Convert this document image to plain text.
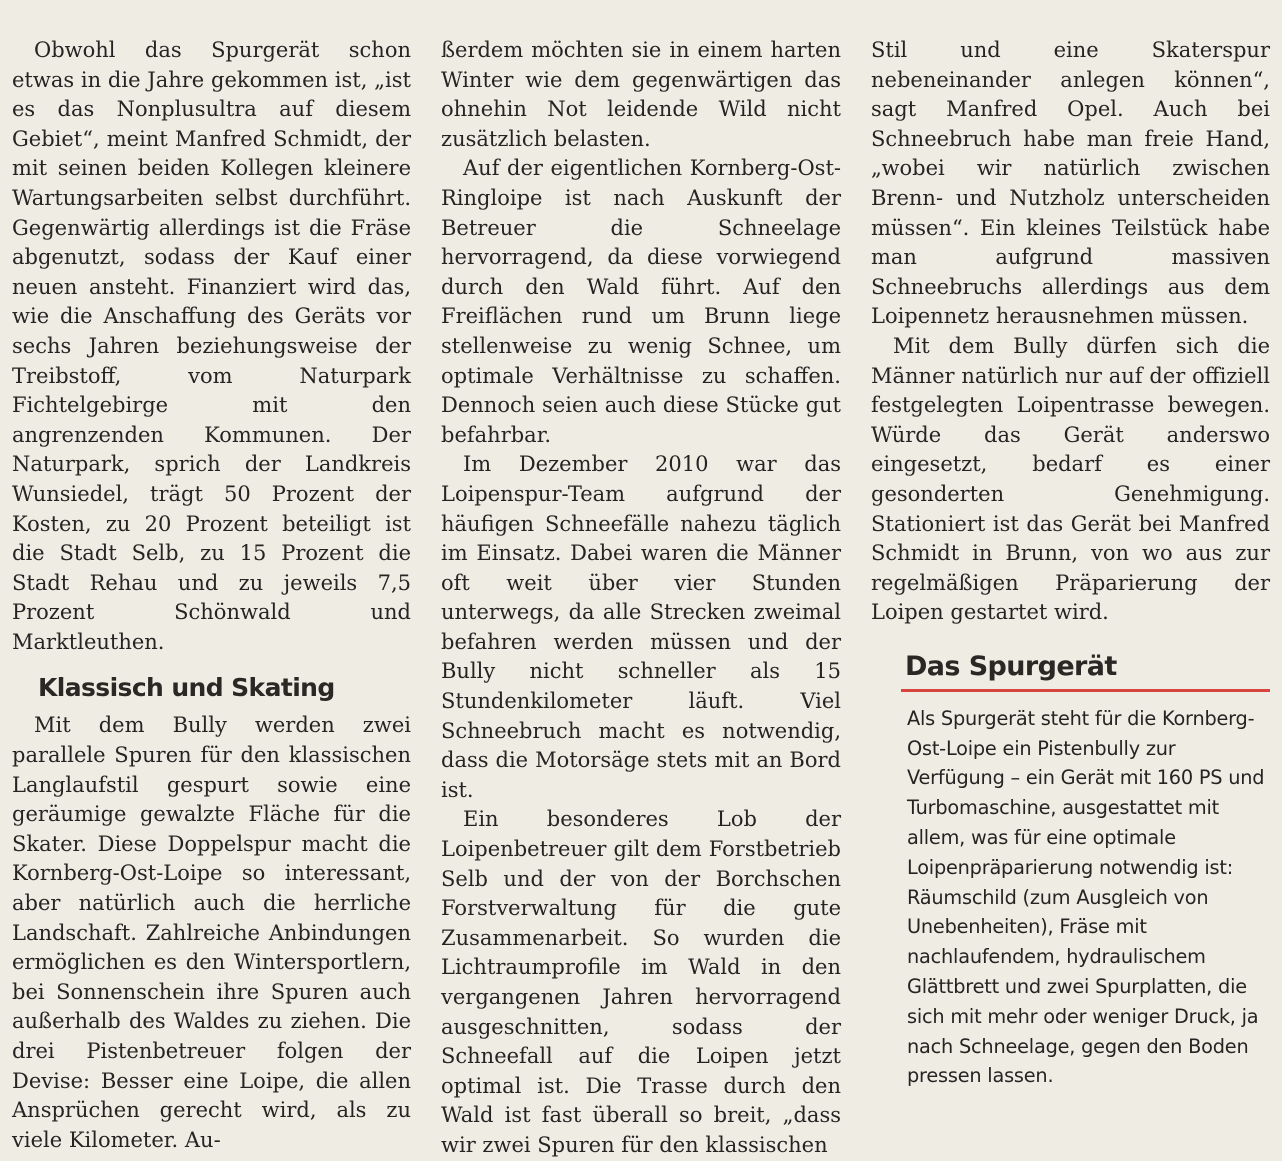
Obwohl das Spurgerät schon etwas in die Jahre gekommen ist, „ist es das Nonplusultra auf diesem Gebiet“, meint Manfred Schmidt, der mit seinen beiden Kollegen kleinere Wartungsarbeiten selbst durchführt. Gegenwärtig allerdings ist die Fräse abgenutzt, sodass der Kauf einer neuen ansteht. Finanziert wird das, wie die Anschaffung des Geräts vor sechs Jahren beziehungsweise der Treibstoff, vom Naturpark Fichtelgebirge mit den angrenzenden Kommunen. Der Naturpark, sprich der Landkreis Wunsiedel, trägt 50 Prozent der Kosten, zu 20 Prozent beteiligt ist die Stadt Selb, zu 15 Prozent die Stadt Rehau und zu jeweils 7,5 Prozent Schönwald und Marktleuthen.

Klassisch und Skating

Mit dem Bully werden zwei parallele Spuren für den klassischen Langlaufstil gespurt sowie eine geräumige gewalzte Fläche für die Skater. Diese Doppelspur macht die Kornberg-Ost-Loipe so interessant, aber natürlich auch die herrliche Landschaft. Zahlreiche Anbindungen ermöglichen es den Wintersportlern, bei Sonnenschein ihre Spuren auch außerhalb des Waldes zu ziehen. Die drei Pistenbetreuer folgen der Devise: Besser eine Loipe, die allen Ansprüchen gerecht wird, als zu viele Kilometer. Au-

ßerdem möchten sie in einem harten Winter wie dem gegenwärtigen das ohnehin Not leidende Wild nicht zusätzlich belasten.

Auf der eigentlichen Kornberg-Ost-Ringloipe ist nach Auskunft der Betreuer die Schneelage hervorragend, da diese vorwiegend durch den Wald führt. Auf den Freiflächen rund um Brunn liege stellenweise zu wenig Schnee, um optimale Verhältnisse zu schaffen. Dennoch seien auch diese Stücke gut befahrbar.

Im Dezember 2010 war das Loipenspur-Team aufgrund der häufigen Schneefälle nahezu täglich im Einsatz. Dabei waren die Männer oft weit über vier Stunden unterwegs, da alle Strecken zweimal befahren werden müssen und der Bully nicht schneller als 15 Stundenkilometer läuft. Viel Schneebruch macht es notwendig, dass die Motorsäge stets mit an Bord ist.

Ein besonderes Lob der Loipenbetreuer gilt dem Forstbetrieb Selb und der von der Borchschen Forstverwaltung für die gute Zusammenarbeit. So wurden die Lichtraumprofile im Wald in den vergangenen Jahren hervorragend ausgeschnitten, sodass der Schneefall auf die Loipen jetzt optimal ist. Die Trasse durch den Wald ist fast überall so breit, „dass wir zwei Spuren für den klassischen

Stil und eine Skaterspur nebeneinander anlegen können“, sagt Manfred Opel. Auch bei Schneebruch habe man freie Hand, „wobei wir natürlich zwischen Brenn- und Nutzholz unterscheiden müssen“. Ein kleines Teilstück habe man aufgrund massiven Schneebruchs allerdings aus dem Loipennetz herausnehmen müssen.

Mit dem Bully dürfen sich die Männer natürlich nur auf der offiziell festgelegten Loipentrasse bewegen. Würde das Gerät anderswo eingesetzt, bedarf es einer gesonderten Genehmigung. Stationiert ist das Gerät bei Manfred Schmidt in Brunn, von wo aus zur regelmäßigen Präparierung der Loipen gestartet wird.

Das Spurgerät
Als Spurgerät steht für die Kornberg-Ost-Loipe ein Pistenbully zur Verfügung – ein Gerät mit 160 PS und Turbomaschine, ausgestattet mit allem, was für eine optimale Loipenpräparierung notwendig ist: Räumschild (zum Ausgleich von Unebenheiten), Fräse mit nachlaufendem, hydraulischem Glättbrett und zwei Spurplatten, die sich mit mehr oder weniger Druck, ja nach Schneelage, gegen den Boden pressen lassen.
